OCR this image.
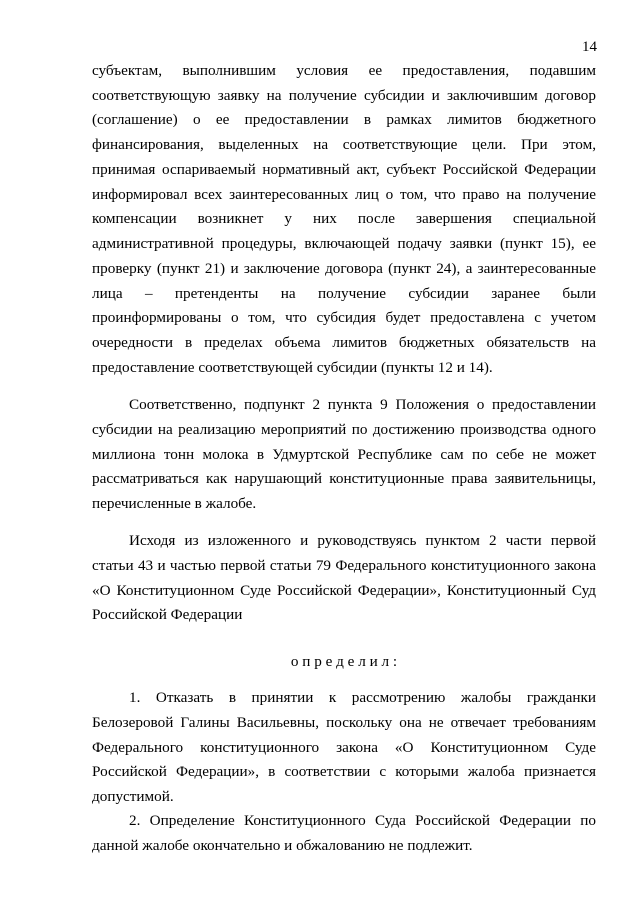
14
субъектам, выполнившим условия ее предоставления, подавшим
соответствующую заявку на получение субсидии и заключившим договор
(соглашение) о ее предоставлении в рамках лимитов бюджетного
финансирования, выделенных на соответствующие цели. При этом,
принимая оспариваемый нормативный акт, субъект Российской Федерации
информировал всех заинтересованных лиц о том, что право на получение
компенсации возникнет у них после завершения специальной
административной процедуры, включающей подачу заявки (пункт 15), ее
проверку (пункт 21) и заключение договора (пункт 24), а заинтересованные
лица – претенденты на получение субсидии заранее были
проинформированы о том, что субсидия будет предоставлена с учетом
очередности в пределах объема лимитов бюджетных обязательств на
предоставление соответствующей субсидии (пункты 12 и 14).
Соответственно, подпункт 2 пункта 9 Положения о предоставлении
субсидии на реализацию мероприятий по достижению производства одного
миллиона тонн молока в Удмуртской Республике сам по себе не может
рассматриваться как нарушающий конституционные права заявительницы,
перечисленные в жалобе.
Исходя из изложенного и руководствуясь пунктом 2 части первой
статьи 43 и частью первой статьи 79 Федерального конституционного закона
«О Конституционном Суде Российской Федерации», Конституционный Суд
Российской Федерации
о п р е д е л и л :
1. Отказать в принятии к рассмотрению жалобы гражданки
Белозеровой Галины Васильевны, поскольку она не отвечает требованиям
Федерального конституционного закона «О Конституционном Суде
Российской Федерации», в соответствии с которыми жалоба признается
допустимой.
2. Определение Конституционного Суда Российской Федерации по
данной жалобе окончательно и обжалованию не подлежит.
